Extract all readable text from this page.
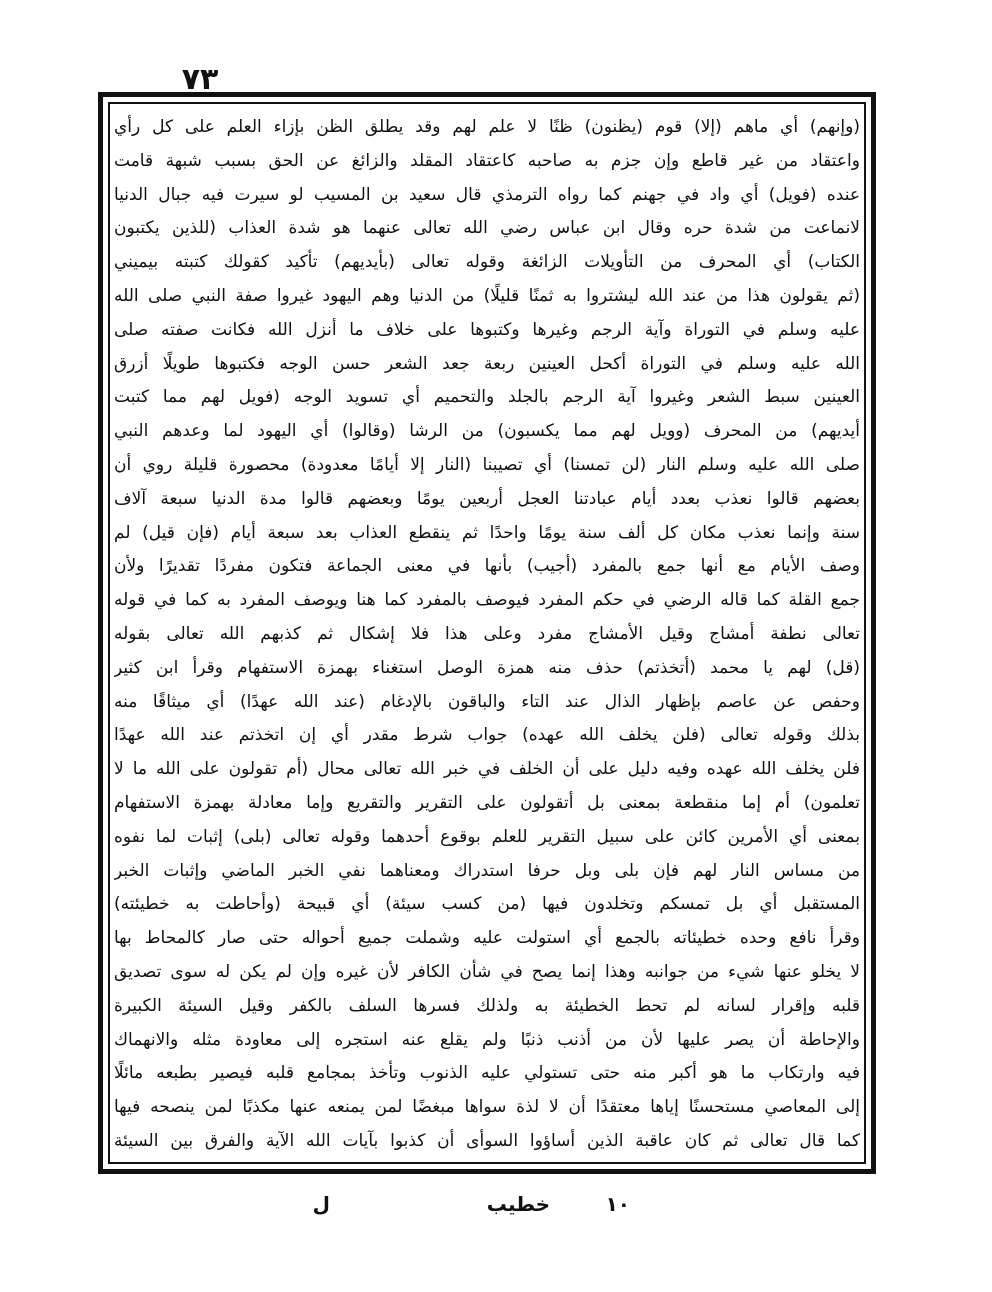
٧٣
(وإنهم) أي ماهم (إلا) قوم (يظنون) ظنًا لا علم لهم وقد يطلق الظن بإزاء العلم على كل رأي
واعتقاد من غير قاطع وإن جزم به صاحبه كاعتقاد المقلد والزائغ عن الحق بسبب شبهة قامت
عنده (فويل) أي واد في جهنم كما رواه الترمذي قال سعيد بن المسيب لو سيرت فيه جبال الدنيا
لانماعت من شدة حره وقال ابن عباس رضي الله تعالى عنهما هو شدة العذاب (للذين يكتبون
الكتاب) أي المحرف من التأويلات الزائغة وقوله تعالى (بأيديهم) تأكيد كقولك كتبته بيميني
(ثم يقولون هذا من عند الله ليشتروا به ثمنًا قليلًا) من الدنيا وهم اليهود غيروا صفة النبي صلى الله
عليه وسلم في التوراة وآية الرجم وغيرها وكتبوها على خلاف ما أنزل الله فكانت صفته صلى
الله عليه وسلم في التوراة أكحل العينين ربعة جعد الشعر حسن الوجه فكتبوها طويلًا أزرق
العينين سبط الشعر وغيروا آية الرجم بالجلد والتحميم أي تسويد الوجه (فويل لهم مما كتبت
أيديهم) من المحرف (وويل لهم مما يكسبون) من الرشا (وقالوا) أي اليهود لما وعدهم النبي
صلى الله عليه وسلم النار (لن تمسنا) أي تصيبنا (النار إلا أيامًا معدودة) محصورة قليلة روي أن
بعضهم قالوا نعذب بعدد أيام عبادتنا العجل أربعين يومًا وبعضهم قالوا مدة الدنيا سبعة آلاف
سنة وإنما نعذب مكان كل ألف سنة يومًا واحدًا ثم ينقطع العذاب بعد سبعة أيام (فإن قيل) لم
وصف الأيام مع أنها جمع بالمفرد (أجيب) بأنها في معنى الجماعة فتكون مفردًا تقديرًا ولأن
جمع القلة كما قاله الرضي في حكم المفرد فيوصف بالمفرد كما هنا ويوصف المفرد به كما في قوله
تعالى نطفة أمشاج وقيل الأمشاج مفرد وعلى هذا فلا إشكال ثم كذبهم الله تعالى بقوله
(قل) لهم يا محمد (أتخذتم) حذف منه همزة الوصل استغناء بهمزة الاستفهام وقرأ ابن كثير
وحفص عن عاصم بإظهار الذال عند التاء والباقون بالإدغام (عند الله عهدًا) أي ميثاقًا منه
بذلك وقوله تعالى (فلن يخلف الله عهده) جواب شرط مقدر أي إن اتخذتم عند الله عهدًا
فلن يخلف الله عهده وفيه دليل على أن الخلف في خبر الله تعالى محال (أم تقولون على الله ما لا
تعلمون) أم إما منقطعة بمعنى بل أتقولون على التقرير والتقريع وإما معادلة بهمزة الاستفهام
بمعنى أي الأمرين كائن على سبيل التقرير للعلم بوقوع أحدهما وقوله تعالى (بلى) إثبات لما نفوه
من مساس النار لهم فإن بلى وبل حرفا استدراك ومعناهما نفي الخبر الماضي وإثبات الخبر
المستقبل أي بل تمسكم وتخلدون فيها (من كسب سيئة) أي قبيحة (وأحاطت به خطيئته)
وقرأ نافع وحده خطيئاته بالجمع أي استولت عليه وشملت جميع أحواله حتى صار كالمحاط بها
لا يخلو عنها شيء من جوانبه وهذا إنما يصح في شأن الكافر لأن غيره وإن لم يكن له سوى تصديق
قلبه وإقرار لسانه لم تحط الخطيئة به ولذلك فسرها السلف بالكفر وقيل السيئة الكبيرة
والإحاطة أن يصر عليها لأن من أذنب ذنبًا ولم يقلع عنه استجره إلى معاودة مثله والانهماك
فيه وارتكاب ما هو أكبر منه حتى تستولي عليه الذنوب وتأخذ بمجامع قلبه فيصير بطبعه مائلًا
إلى المعاصي مستحسنًا إياها معتقدًا أن لا لذة سواها مبغضًا لمن يمنعه عنها مكذبًا لمن ينصحه فيها
كما قال تعالى ثم كان عاقبة الذين أساؤوا السوأى أن كذبوا بآيات الله الآية والفرق بين السيئة
١٠
خطيب
ل
